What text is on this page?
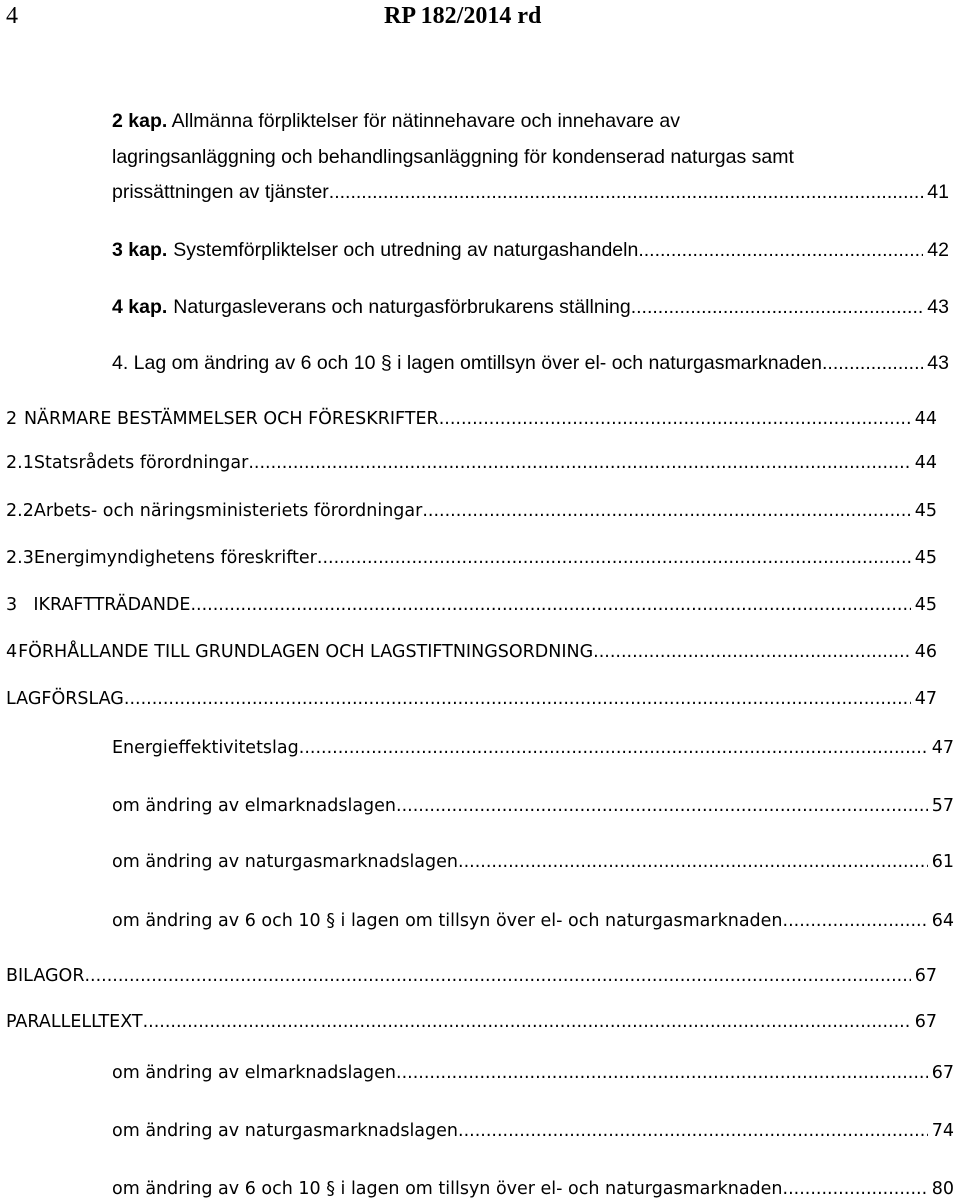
4	RP 182/2014 rd
2 kap. Allmänna förpliktelser för nätinnehavare och innehavare av
lagringsanläggning och behandlingsanläggning för kondenserad naturgas samt
prissättningen av tjänster .....	41
3 kap. Systemförpliktelser och utredning av naturgashandeln .....	42
4 kap. Naturgasleverans och naturgasförbrukarens ställning .....	43
4. Lag om ändring av 6 och 10 § i lagen omtillsyn över el- och naturgasmarknaden .....	43
2 NÄRMARE BESTÄMMELSER OCH FÖRESKRIFTER .....	44
2.1 Statsrådets förordningar .....	44
2.2 Arbets- och näringsministeriets förordningar .....	45
2.3 Energimyndighetens föreskrifter .....	45
3 IKRAFTTRÄDANDE .....	45
4 FÖRHÅLLANDE TILL GRUNDLAGEN OCH LAGSTIFTNINGSORDNING .....	46
LAGFÖRSLAG .....	47
Energieffektivitetslag .....	47
om ändring av elmarknadslagen .....	57
om ändring av naturgasmarknadslagen .....	61
om ändring av 6 och 10 § i lagen om tillsyn över el- och naturgasmarknaden .....	64
BILAGOR .....	67
PARALLELLTEXT .....	67
om ändring av elmarknadslagen .....	67
om ändring av naturgasmarknadslagen .....	74
om ändring av 6 och 10 § i lagen om tillsyn över el- och naturgasmarknaden .....	80
